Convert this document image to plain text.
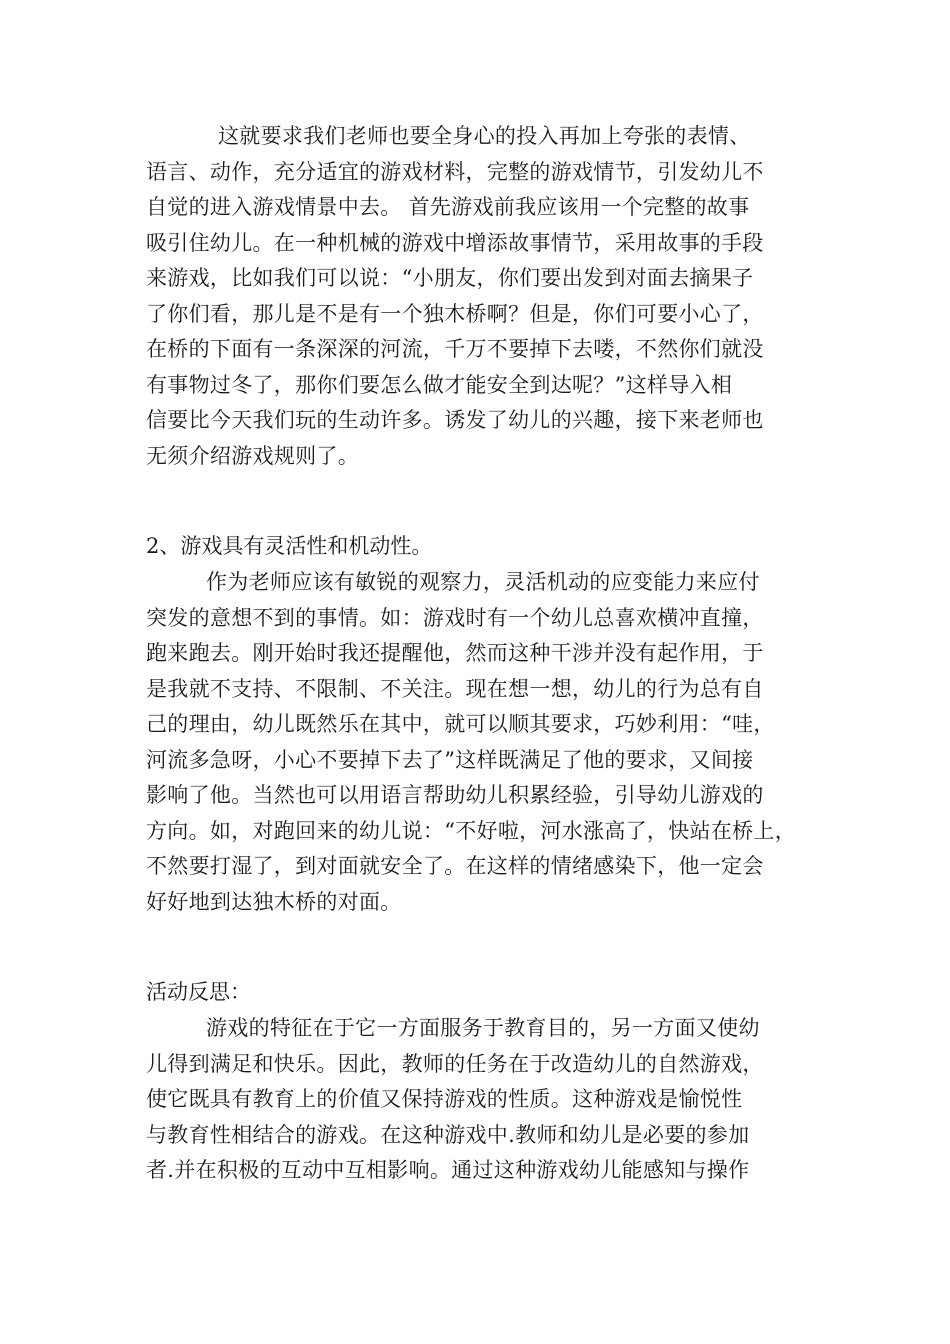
这就要求我们老师也要全身心的投入再加上夸张的表情、
语言、动作，充分适宜的游戏材料，完整的游戏情节，引发幼儿不
自觉的进入游戏情景中去。 首先游戏前我应该用一个完整的故事
吸引住幼儿。在一种机械的游戏中增添故事情节，采用故事的手段
来游戏，比如我们可以说：“小朋友，你们要出发到对面去摘果子
了你们看，那儿是不是有一个独木桥啊？但是，你们可要小心了，
在桥的下面有一条深深的河流，千万不要掉下去喽，不然你们就没
有事物过冬了，那你们要怎么做才能安全到达呢？”这样导入相
信要比今天我们玩的生动许多。诱发了幼儿的兴趣，接下来老师也
无须介绍游戏规则了。
2、游戏具有灵活性和机动性。
作为老师应该有敏锐的观察力，灵活机动的应变能力来应付
突发的意想不到的事情。如：游戏时有一个幼儿总喜欢横冲直撞，
跑来跑去。刚开始时我还提醒他，然而这种干涉并没有起作用，于
是我就不支持、不限制、不关注。现在想一想，幼儿的行为总有自
己的理由，幼儿既然乐在其中，就可以顺其要求，巧妙利用：“哇，
河流多急呀，小心不要掉下去了”这样既满足了他的要求，又间接
影响了他。当然也可以用语言帮助幼儿积累经验，引导幼儿游戏的
方向。如，对跑回来的幼儿说：“不好啦，河水涨高了，快站在桥上，
不然要打湿了，到对面就安全了。在这样的情绪感染下，他一定会
好好地到达独木桥的对面。
活动反思：
游戏的特征在于它一方面服务于教育目的，另一方面又使幼
儿得到满足和快乐。因此，教师的任务在于改造幼儿的自然游戏，
使它既具有教育上的价值又保持游戏的性质。这种游戏是愉悦性
与教育性相结合的游戏。在这种游戏中.教师和幼儿是必要的参加
者.并在积极的互动中互相影响。通过这种游戏幼儿能感知与操作
